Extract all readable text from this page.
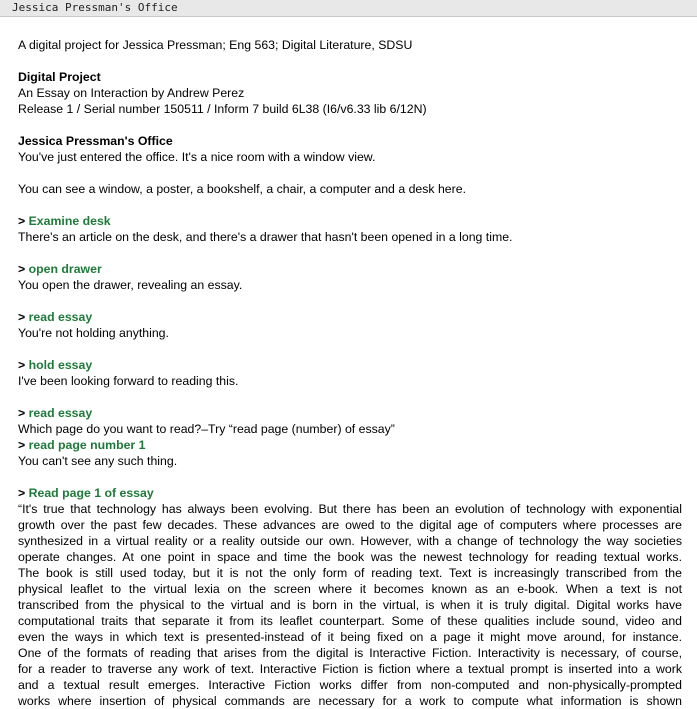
Jessica Pressman's Office
A digital project for Jessica Pressman; Eng 563; Digital Literature, SDSU
Digital Project
An Essay on Interaction by Andrew Perez
Release 1 / Serial number 150511 / Inform 7 build 6L38 (I6/v6.33 lib 6/12N)
Jessica Pressman's Office
You've just entered the office. It's a nice room with a window view.
You can see a window, a poster, a bookshelf, a chair, a computer and a desk here.
> Examine desk
There's an article on the desk, and there's a drawer that hasn't been opened in a long time.
> open drawer
You open the drawer, revealing an essay.
> read essay
You're not holding anything.
> hold essay
I've been looking forward to reading this.
> read essay
Which page do you want to read?–Try “read page (number) of essay”
> read page number 1
You can't see any such thing.
> Read page 1 of essay
“It's true that technology has always been evolving. But there has been an evolution of technology with exponential
growth over the past few decades. These advances are owed to the digital age of computers where processes are
synthesized in a virtual reality or a reality outside our own. However, with a change of technology the way societies
operate changes. At one point in space and time the book was the newest technology for reading textual works.
The book is still used today, but it is not the only form of reading text. Text is increasingly transcribed from the
physical leaflet to the virtual lexia on the screen where it becomes known as an e-book. When a text is not
transcribed from the physical to the virtual and is born in the virtual, is when it is truly digital. Digital works have
computational traits that separate it from its leaflet counterpart. Some of these qualities include sound, video and
even the ways in which text is presented-instead of it being fixed on a page it might move around, for instance.
One of the formats of reading that arises from the digital is Interactive Fiction. Interactivity is necessary, of course,
for a reader to traverse any work of text. Interactive Fiction is fiction where a textual prompt is inserted into a work
and a textual result emerges. Interactive Fiction works differ from non-computed and non-physically-prompted
works where insertion of physical commands are necessary for a work to compute what information is shown
